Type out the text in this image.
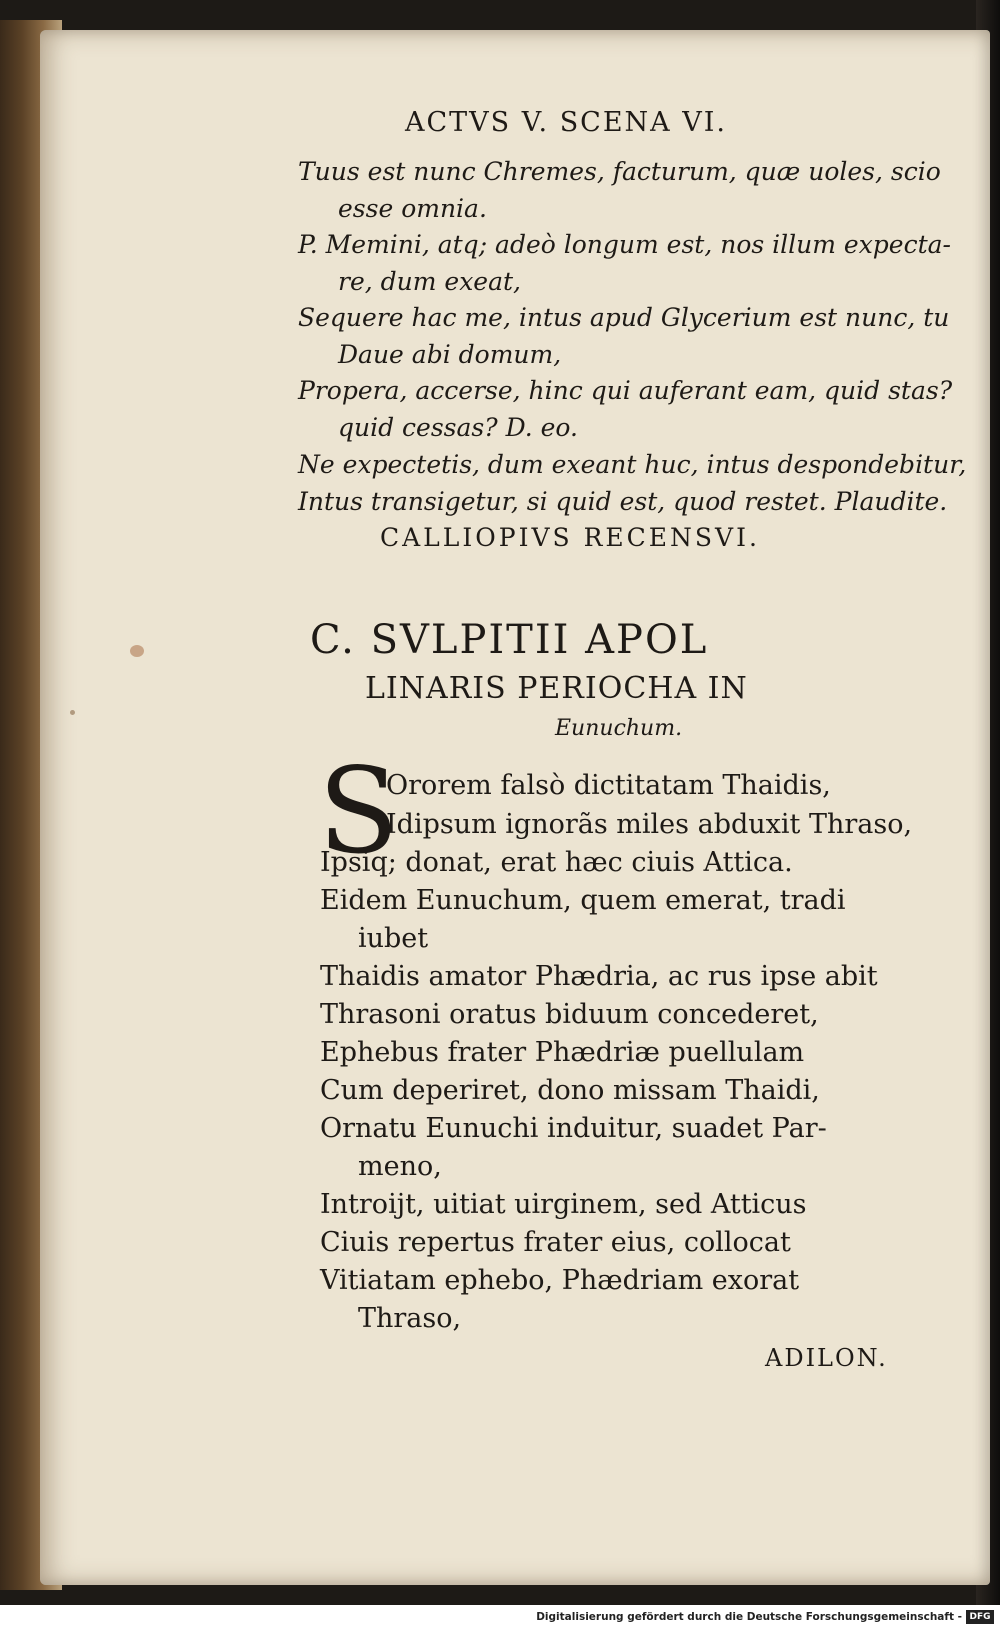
ACTVS V. SCENA VI.
Tuus est nunc Chremes, facturum, quæ uoles, scio
esse omnia.
P. Memini, atq; adeò longum est, nos illum expecta-
re, dum exeat,
Sequere hac me, intus apud Glycerium est nunc, tu
Daue abi domum,
Propera, accerse, hinc qui auferant eam, quid stas?
quid cessas? D. eo.
Ne expectetis, dum exeant huc, intus despondebitur,
Intus transigetur, si quid est, quod restet. Plaudite.
CALLIOPIVS RECENSVI.
C. SVLPITII APOL
LINARIS PERIOCHA IN
Eunuchum.
S
Ororem falsò dictitatam Thaidis,
Idipsum ignorãs miles abduxit Thraso,
Ipsiq; donat, erat hæc ciuis Attica.
Eidem Eunuchum, quem emerat, tradi
iubet
Thaidis amator Phædria, ac rus ipse abit
Thrasoni oratus biduum concederet,
Ephebus frater Phædriæ puellulam
Cum deperiret, dono missam Thaidi,
Ornatu Eunuchi induitur, suadet Par-
meno,
Introijt, uitiat uirginem, sed Atticus
Ciuis repertus frater eius, collocat
Vitiatam ephebo, Phædriam exorat
Thraso,
ADILON.
Digitalisierung gefördert durch die Deutsche Forschungsgemeinschaft - DFG
